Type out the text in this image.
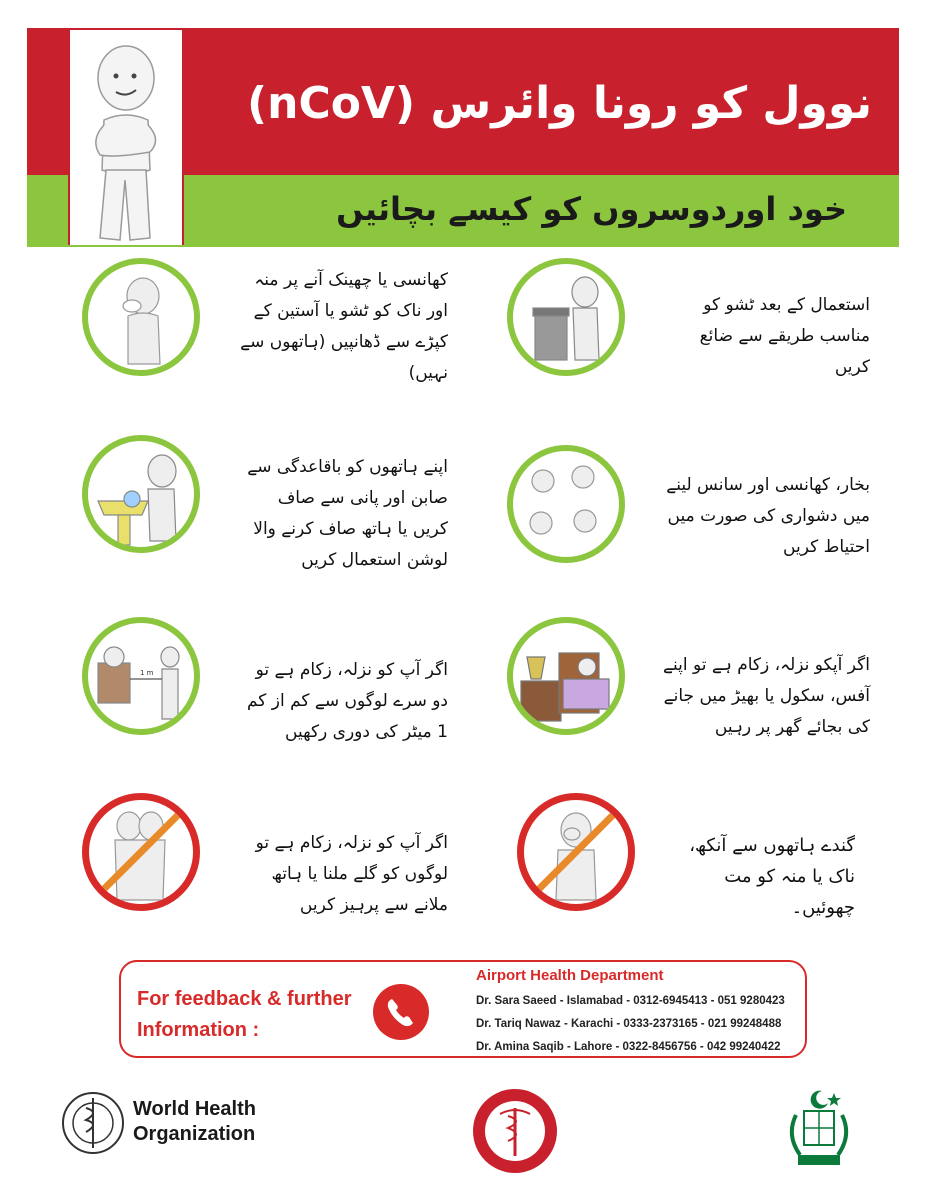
نوول کو رونا وائرس (nCoV)
خود اوردوسروں کو کیسے بچائیں
کھانسی یا چھینک آنے پر منہ اور ناک کو ٹشو یا آستین کے کپڑے سے ڈھانپیں (ہاتھوں سے نہیں)
استعمال کے بعد ٹشو کو مناسب طریقے سے ضائع کریں
اپنے ہاتھوں کو باقاعدگی سے صابن اور پانی سے صاف کریں یا ہاتھ صاف کرنے والا لوشن استعمال کریں
بخار، کھانسی اور سانس لینے میں دشواری کی صورت میں احتیاط کریں
1 m	اگر آپ کو نزلہ، زکام ہے تو دو سرے لوگوں سے کم از کم 1 میٹر کی دوری رکھیں
اگر آپکو نزلہ، زکام ہے تو اپنے آفس، سکول یا بھیڑ میں جانے کی بجائے گھر پر رہیں
اگر آپ کو نزلہ، زکام ہے تو لوگوں کو گلے ملنا یا ہاتھ ملانے سے پرہیز کریں
گندے ہاتھوں سے آنکھ، ناک یا منہ کو مت چھوئیں۔
For feedback & further Information :
Airport Health Department
Dr. Sara Saeed - Islamabad - 0312-6945413 - 051 9280423
Dr. Tariq Nawaz - Karachi - 0333-2373165 - 021 99248488
Dr. Amina Saqib - Lahore - 0322-8456756 - 042 99240422
World Health
Organization
